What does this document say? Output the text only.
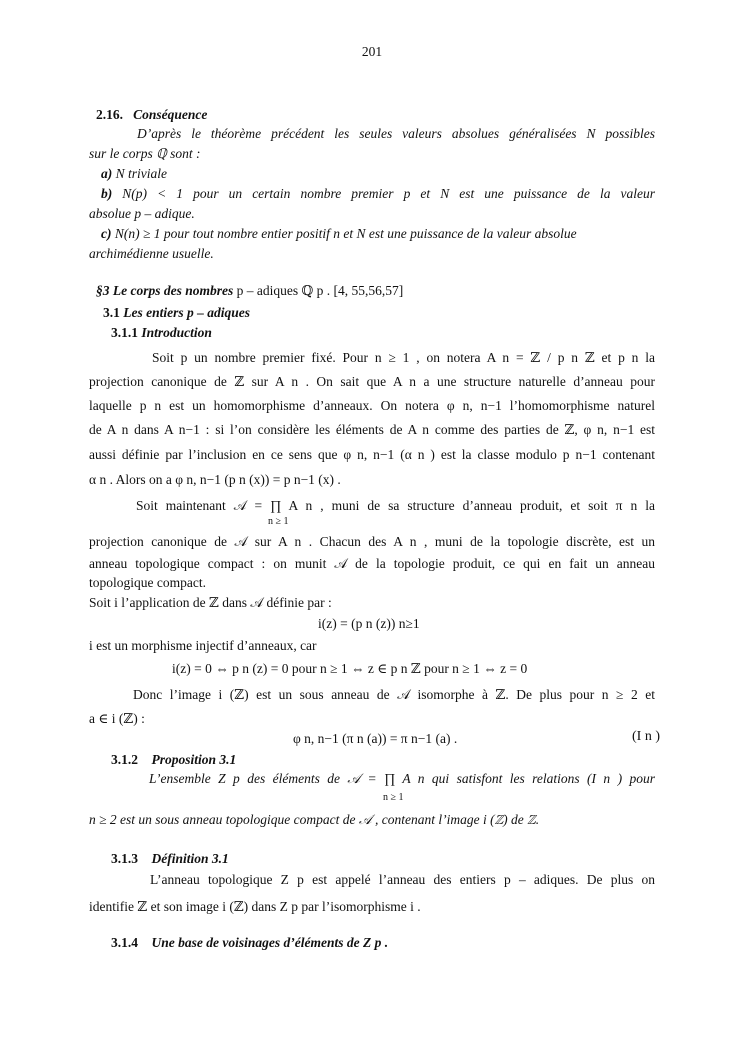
201
2.16. Conséquence
D’après le théorème précédent les seules valeurs absolues généralisées N possibles
sur le corps ℚ sont :
a) N triviale
b) N(p) < 1 pour un certain nombre premier p et N est une puissance de la valeur
absolue p – adique.
c) N(n) ≥ 1 pour tout nombre entier positif n et N est une puissance de la valeur absolue
archimédienne usuelle.
§3 Le corps des nombres p – adiques ℚ p . [4, 55,56,57]
3.1 Les entiers p – adiques
3.1.1 Introduction
Soit p un nombre premier fixé. Pour n ≥ 1 , on notera A n = ℤ / p n ℤ et p n la
projection canonique de ℤ sur A n . On sait que A n a une structure naturelle d’anneau pour
laquelle p n est un homomorphisme d’anneaux. On notera φ n, n−1 l’homomorphisme naturel
de A n dans A n−1 : si l’on considère les éléments de A n comme des parties de ℤ, φ n, n−1 est
aussi définie par l’inclusion en ce sens que φ n, n−1 (α n ) est la classe modulo p n−1 contenant
α n . Alors on a φ n, n−1 (p n (x)) = p n−1 (x) .
Soit maintenant 𝒜 = ∏ A n , muni de sa structure d’anneau produit, et soit π n la
n ≥ 1
projection canonique de 𝒜 sur A n . Chacun des A n , muni de la topologie discrète, est un
anneau topologique compact : on munit 𝒜 de la topologie produit, ce qui en fait un anneau
topologique compact.
Soit i l’application de ℤ dans 𝒜 définie par :
i(z) = (p n (z)) n≥1
i est un morphisme injectif d’anneaux, car
i(z) = 0 ⇔ p n (z) = 0 pour n ≥ 1 ⇔ z ∈ p n ℤ pour n ≥ 1 ⇔ z = 0
Donc l’image i (ℤ) est un sous anneau de 𝒜 isomorphe à ℤ. De plus pour n ≥ 2 et
a ∈ i (ℤ) :
φ n, n−1 (π n (a)) = π n−1 (a) .	(I n )
3.1.2 Proposition 3.1
L’ensemble Z p des éléments de 𝒜 = ∏ A n qui satisfont les relations (I n ) pour
n ≥ 1
n ≥ 2 est un sous anneau topologique compact de 𝒜 , contenant l’image i (ℤ) de ℤ.
3.1.3 Définition 3.1
L’anneau topologique Z p est appelé l’anneau des entiers p – adiques. De plus on
identifie ℤ et son image i (ℤ) dans Z p par l’isomorphisme i .
3.1.4 Une base de voisinages d’éléments de Z p .
